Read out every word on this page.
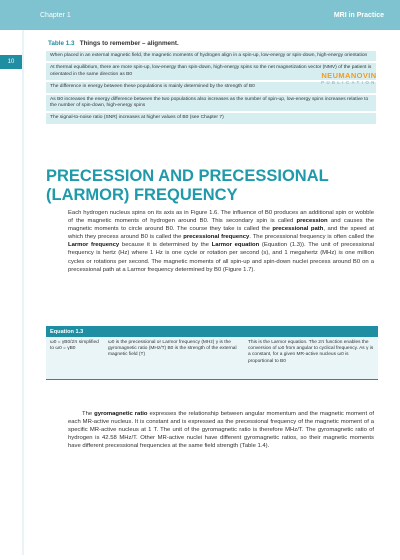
Chapter 1	MRI in Practice
10
Table 1.3 Things to remember – alignment.
When placed in an external magnetic field, the magnetic moments of hydrogen align in a spin-up, low-energy or spin-down, high-energy orientation
At thermal equilibrium, there are more spin-up, low-energy than spin-down, high-energy spins so the net magnetization vector (NMV) of the patient is orientated in the same direction as B0
The difference in energy between these populations is mainly determined by the strength of B0
As B0 increases the energy difference between the two populations also increases as the number of spin-up, low-energy spins increases relative to the number of spin-down, high-energy spins
The signal-to-noise ratio (SNR) increases at higher values of B0 (see Chapter 7)
NEUMANOVIN
PUBLICATION
PRECESSION AND PRECESSIONAL (LARMOR) FREQUENCY

Each hydrogen nucleus spins on its axis as in Figure 1.6. The influence of B0 produces an additional spin or wobble of the magnetic moments of hydrogen around B0. This secondary spin is called precession and causes the magnetic moments to circle around B0. The course they take is called the precessional path, and the speed at which they precess around B0 is called the precessional frequency. The precessional frequency is often called the Larmor frequency because it is determined by the Larmor equation (Equation (1.3)). The unit of precessional frequency is hertz (Hz) where 1 Hz is one cycle or rotation per second (s), and 1 megahertz (MHz) is one million cycles or rotations per second. The magnetic moments of all spin-up and spin-down nuclei precess around B0 on a precessional path at a Larmor frequency determined by B0 (Figure 1.7).

Equation 1.3
ω0 = γB0/2π simplified to ω0 = γB0
ω0 is the precessional or Larmor frequency (MHz) γ is the gyromagnetic ratio (MHz/T) B0 is the strength of the external magnetic field (T)
This is the Larmor equation. The 2π function enables the conversion of ω0 from angular to cyclical frequency. As γ is a constant, for a given MR-active nucleus ω0 is proportional to B0

The gyromagnetic ratio expresses the relationship between angular momentum and the magnetic moment of each MR-active nucleus. It is constant and is expressed as the precessional frequency of the magnetic moment of a specific MR-active nucleus at 1 T. The unit of the gyromagnetic ratio is therefore MHz/T. The gyromagnetic ratio of hydrogen is 42.58 MHz/T. Other MR-active nuclei have different gyromagnetic ratios, so their magnetic moments have different precessional frequencies at the same field strength (Table 1.4).
